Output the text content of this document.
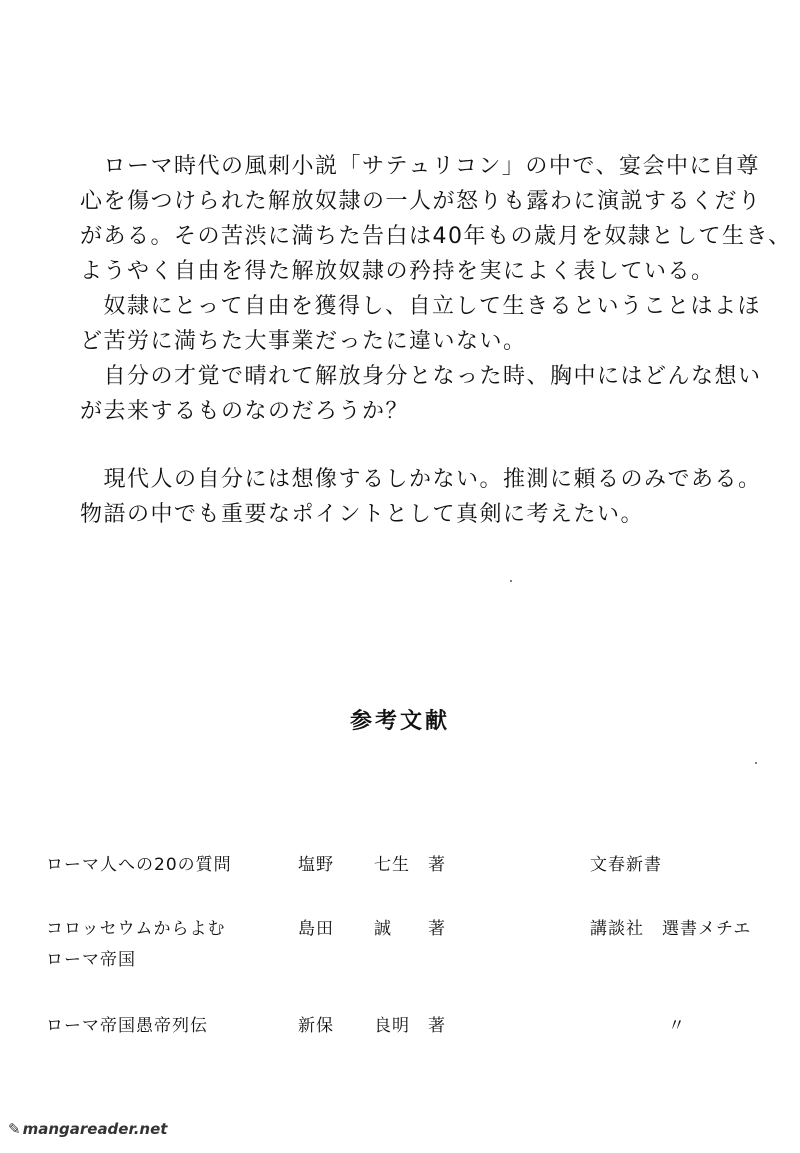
　ローマ時代の風刺小説「サテュリコン」の中で、宴会中に自尊
心を傷つけられた解放奴隷の一人が怒りも露わに演説するくだり
がある。その苦渋に満ちた告白は40年もの歳月を奴隷として生き、
ようやく自由を得た解放奴隷の矜持を実によく表している。
　奴隷にとって自由を獲得し、自立して生きるということはよほ
ど苦労に満ちた大事業だったに違いない。
　自分の才覚で晴れて解放身分となった時、胸中にはどんな想い
が去来するものなのだろうか？
　現代人の自分には想像するしかない。推測に頼るのみである。
物語の中でも重要なポイントとして真剣に考えたい。
参考文献
ローマ人への20の質問	塩野 七生 著	文春新書
コロッセウムからよむ
ローマ帝国
島田 誠 著	講談社　選書メチエ
ローマ帝国愚帝列伝	新保 良明 著	〃
✎ mangareader.net
